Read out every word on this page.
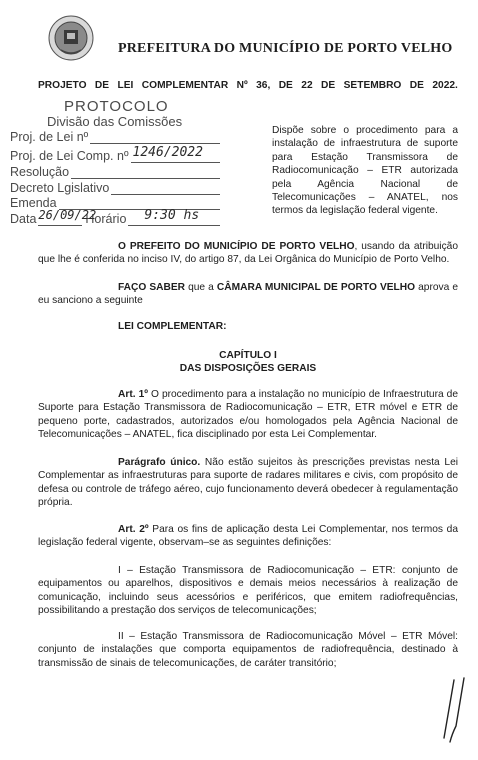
PREFEITURA DO MUNICÍPIO DE PORTO VELHO
PROJETO DE LEI COMPLEMENTAR Nº 36, DE 22 DE SETEMBRO DE 2022.
PROTOCOLO
Divisão das Comissões
Proj. de Lei nº
Proj. de Lei Comp. nº 1246/2022
Resolução
Decreto Lgislativo
Emenda
Data 26/09/22
Horário 9:30 hs
Dispõe sobre o procedimento para a instalação de infraestrutura de suporte para Estação Transmissora de Radiocomunicação – ETR autorizada pela Agência Nacional de Telecomunicações – ANATEL, nos termos da legislação federal vigente.
O PREFEITO DO MUNICÍPIO DE PORTO VELHO, usando da atribuição que lhe é conferida no inciso IV, do artigo 87, da Lei Orgânica do Município de Porto Velho.
FAÇO SABER que a CÂMARA MUNICIPAL DE PORTO VELHO aprova e eu sanciono a seguinte
LEI COMPLEMENTAR:
CAPÍTULO I
DAS DISPOSIÇÕES GERAIS
Art. 1º O procedimento para a instalação no município de Infraestrutura de Suporte para Estação Transmissora de Radiocomunicação – ETR, ETR móvel e ETR de pequeno porte, cadastrados, autorizados e/ou homologados pela Agência Nacional de Telecomunicações – ANATEL, fica disciplinado por esta Lei Complementar.
Parágrafo único. Não estão sujeitos às prescrições previstas nesta Lei Complementar as infraestruturas para suporte de radares militares e civis, com propósito de defesa ou controle de tráfego aéreo, cujo funcionamento deverá obedecer à regulamentação própria.
Art. 2º Para os fins de aplicação desta Lei Complementar, nos termos da legislação federal vigente, observam–se as seguintes definições:
I – Estação Transmissora de Radiocomunicação – ETR: conjunto de equipamentos ou aparelhos, dispositivos e demais meios necessários à realização de comunicação, incluindo seus acessórios e periféricos, que emitem radiofrequências, possibilitando a prestação dos serviços de telecomunicações;
II – Estação Transmissora de Radiocomunicação Móvel – ETR Móvel: conjunto de instalações que comporta equipamentos de radiofrequência, destinado à transmissão de sinais de telecomunicações, de caráter transitório;
